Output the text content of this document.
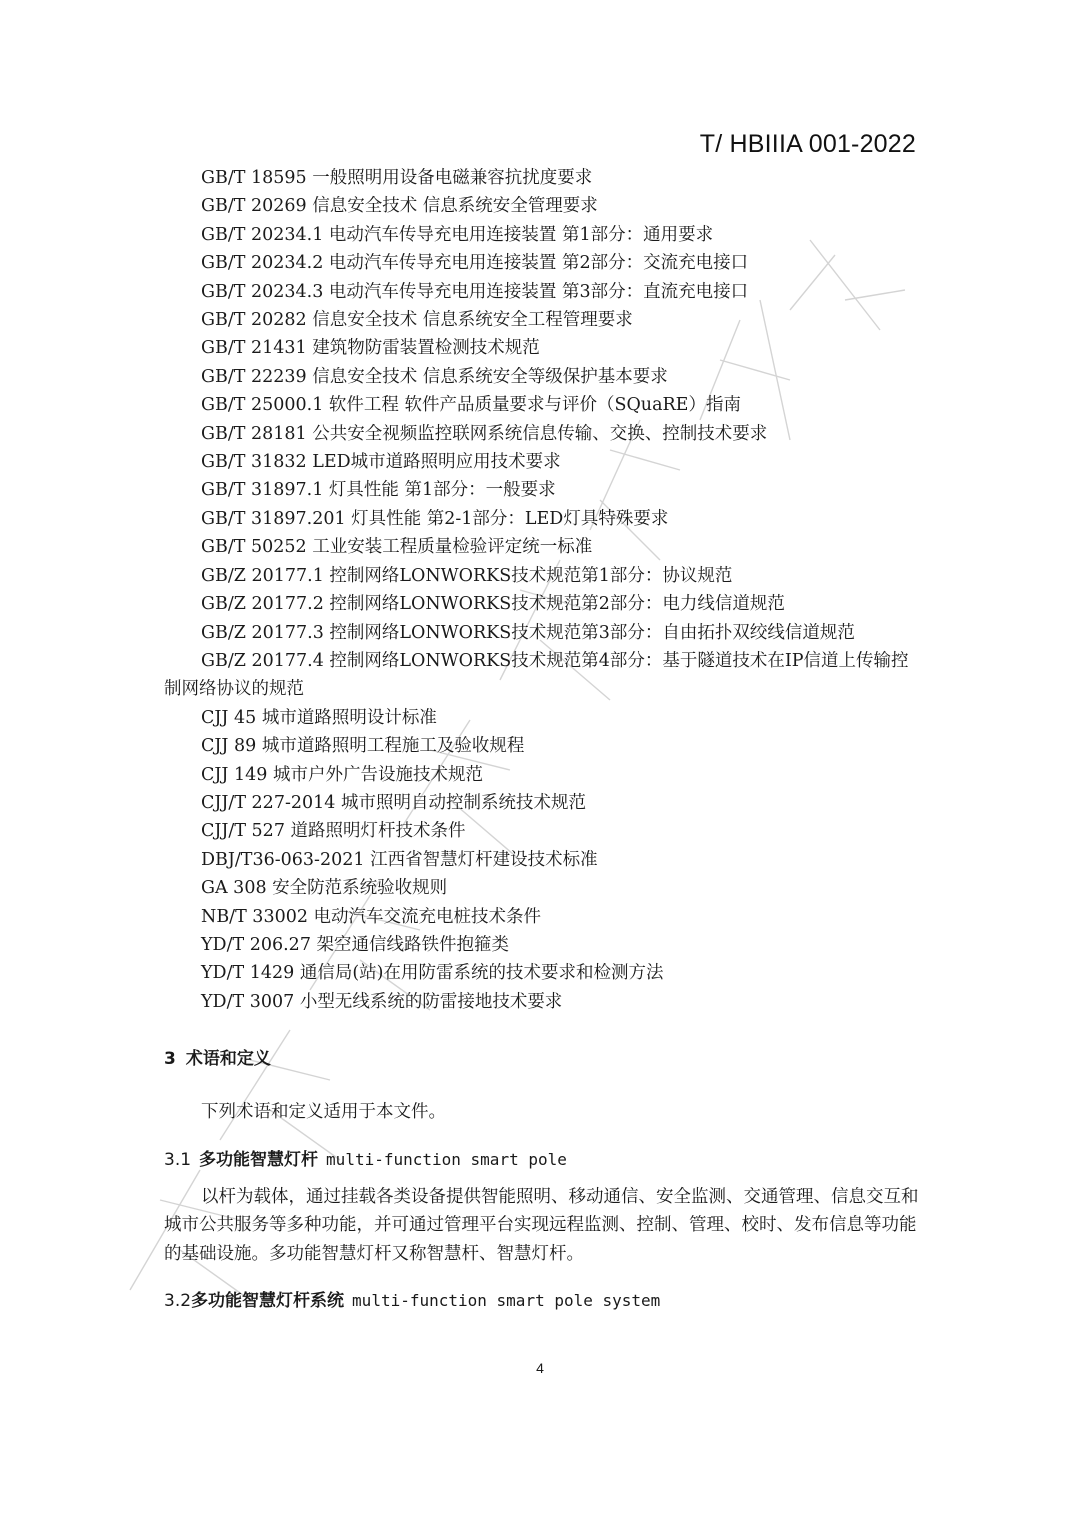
T/ HBIIIA 001-2022
GB/T 18595 一般照明用设备电磁兼容抗扰度要求
GB/T 20269 信息安全技术 信息系统安全管理要求
GB/T 20234.1 电动汽车传导充电用连接装置 第1部分：通用要求
GB/T 20234.2 电动汽车传导充电用连接装置 第2部分：交流充电接口
GB/T 20234.3 电动汽车传导充电用连接装置 第3部分：直流充电接口
GB/T 20282 信息安全技术 信息系统安全工程管理要求
GB/T 21431 建筑物防雷装置检测技术规范
GB/T 22239 信息安全技术 信息系统安全等级保护基本要求
GB/T 25000.1 软件工程 软件产品质量要求与评价（SQuaRE）指南
GB/T 28181 公共安全视频监控联网系统信息传输、交换、控制技术要求
GB/T 31832 LED城市道路照明应用技术要求
GB/T 31897.1 灯具性能 第1部分：一般要求
GB/T 31897.201 灯具性能 第2-1部分：LED灯具特殊要求
GB/T 50252 工业安装工程质量检验评定统一标准
GB/Z 20177.1 控制网络LONWORKS技术规范第1部分：协议规范
GB/Z 20177.2 控制网络LONWORKS技术规范第2部分：电力线信道规范
GB/Z 20177.3 控制网络LONWORKS技术规范第3部分：自由拓扑双绞线信道规范
GB/Z 20177.4 控制网络LONWORKS技术规范第4部分：基于隧道技术在IP信道上传输控制网络协议的规范
CJJ 45 城市道路照明设计标准
CJJ 89 城市道路照明工程施工及验收规程
CJJ 149 城市户外广告设施技术规范
CJJ/T 227-2014 城市照明自动控制系统技术规范
CJJ/T 527 道路照明灯杆技术条件
DBJ/T36-063-2021 江西省智慧灯杆建设技术标准
GA 308 安全防范系统验收规则
NB/T 33002 电动汽车交流充电桩技术条件
YD/T 206.27 架空通信线路铁件抱箍类
YD/T 1429 通信局(站)在用防雷系统的技术要求和检测方法
YD/T 3007 小型无线系统的防雷接地技术要求
3 术语和定义

下列术语和定义适用于本文件。

3.1 多功能智慧灯杆 multi-function smart pole

以杆为载体，通过挂载各类设备提供智能照明、移动通信、安全监测、交通管理、信息交互和城市公共服务等多种功能，并可通过管理平台实现远程监测、控制、管理、校时、发布信息等功能的基础设施。多功能智慧灯杆又称智慧杆、智慧灯杆。

3.2多功能智慧灯杆系统 multi-function smart pole system
4
